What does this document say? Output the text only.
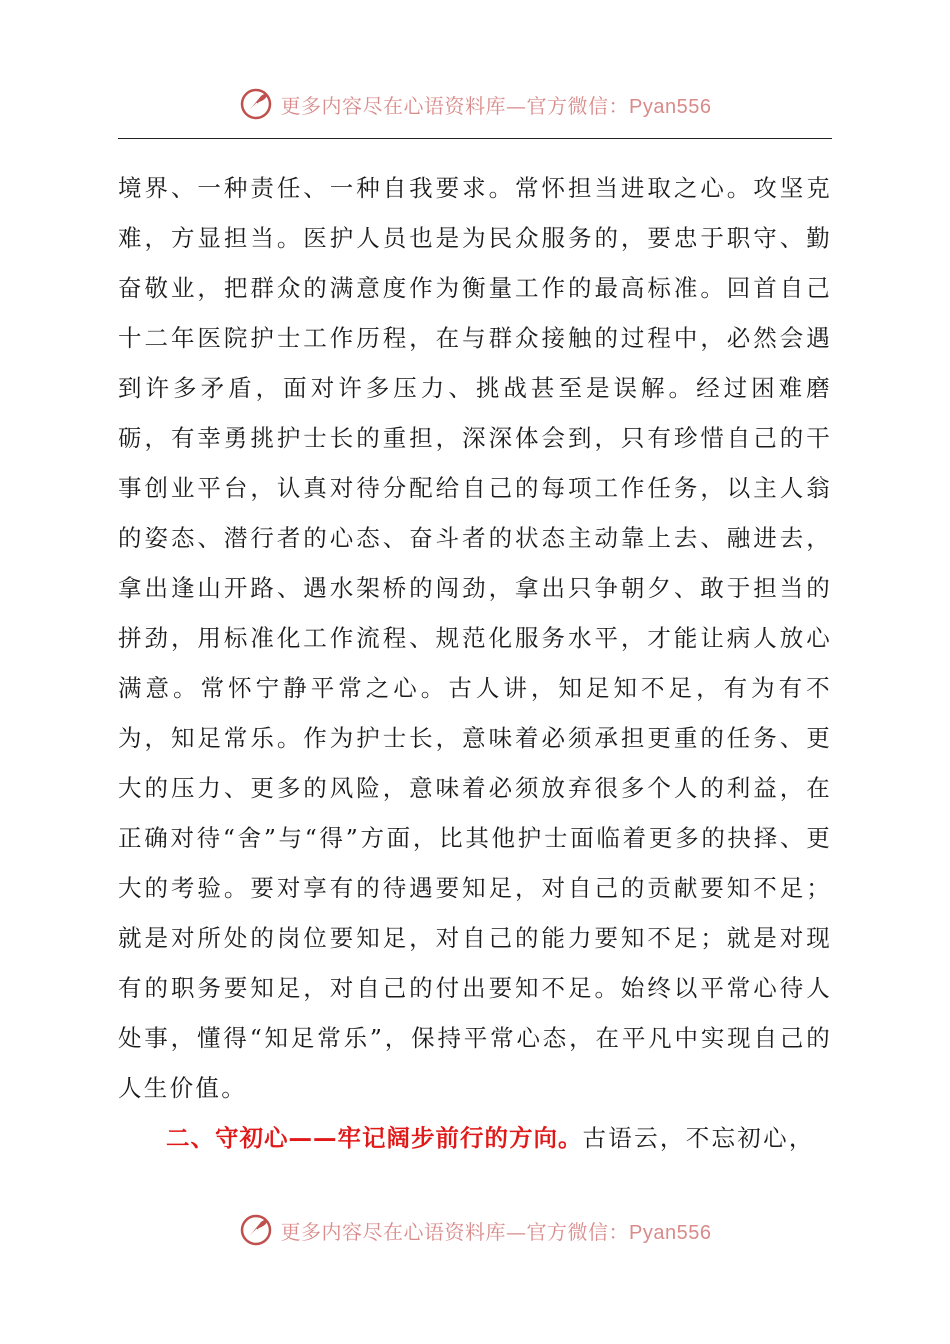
更多内容尽在心语资料库—官方微信：Pyan556

境界、一种责任、一种自我要求。常怀担当进取之心。攻坚克难，方显担当。医护人员也是为民众服务的，要忠于职守、勤奋敬业，把群众的满意度作为衡量工作的最高标准。回首自己十二年医院护士工作历程，在与群众接触的过程中，必然会遇到许多矛盾，面对许多压力、挑战甚至是误解。经过困难磨砺，有幸勇挑护士长的重担，深深体会到，只有珍惜自己的干事创业平台，认真对待分配给自己的每项工作任务，以主人翁的姿态、潜行者的心态、奋斗者的状态主动靠上去、融进去，拿出逢山开路、遇水架桥的闯劲，拿出只争朝夕、敢于担当的拼劲，用标准化工作流程、规范化服务水平，才能让病人放心满意。常怀宁静平常之心。古人讲，知足知不足，有为有不为，知足常乐。作为护士长，意味着必须承担更重的任务、更大的压力、更多的风险，意味着必须放弃很多个人的利益，在正确对待“舍”与“得”方面，比其他护士面临着更多的抉择、更大的考验。要对享有的待遇要知足，对自己的贡献要知不足；就是对所处的岗位要知足，对自己的能力要知不足；就是对现有的职务要知足，对自己的付出要知不足。始终以平常心待人处事，懂得“知足常乐”，保持平常心态，在平凡中实现自己的人生价值。

二、守初心——牢记阔步前行的方向。古语云，不忘初心，

更多内容尽在心语资料库—官方微信：Pyan556
